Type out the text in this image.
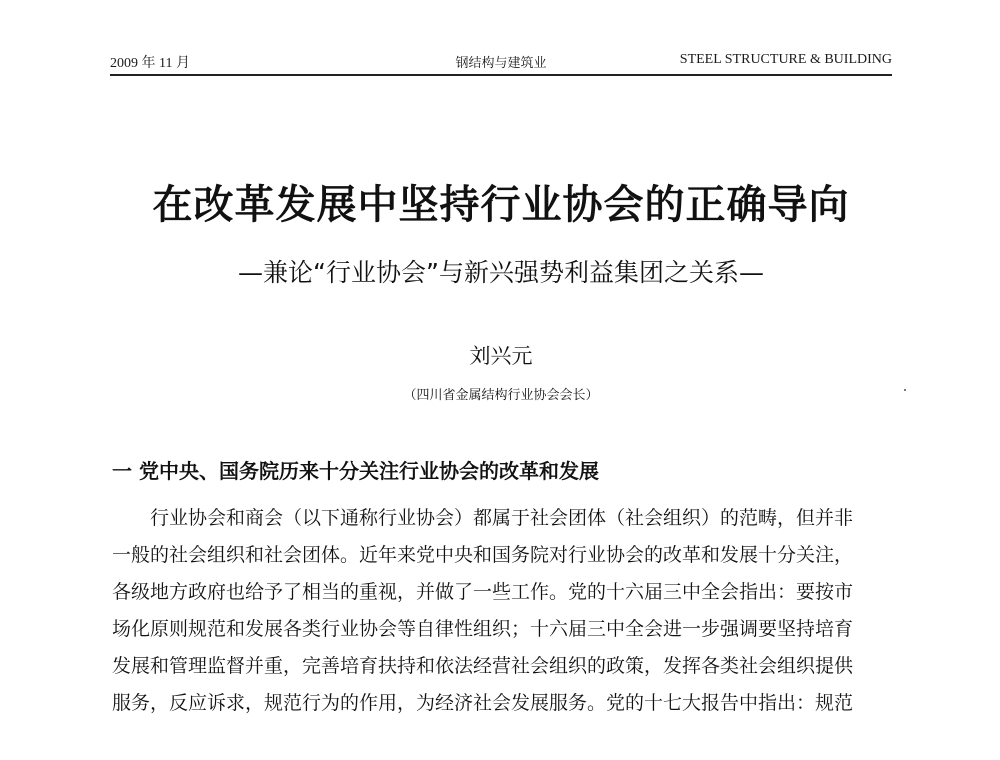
2009 年 11 月	钢结构与建筑业	STEEL STRUCTURE & BUILDING
在改革发展中坚持行业协会的正确导向
—兼论“行业协会”与新兴强势利益集团之关系—
刘兴元
（四川省金属结构行业协会会长）
一 党中央、国务院历来十分关注行业协会的改革和发展
行业协会和商会（以下通称行业协会）都属于社会团体（社会组织）的范畴，但并非
一般的社会组织和社会团体。近年来党中央和国务院对行业协会的改革和发展十分关注，
各级地方政府也给予了相当的重视，并做了一些工作。党的十六届三中全会指出：要按市
场化原则规范和发展各类行业协会等自律性组织；十六届三中全会进一步强调要坚持培育
发展和管理监督并重，完善培育扶持和依法经营社会组织的政策，发挥各类社会组织提供
服务，反应诉求，规范行为的作用，为经济社会发展服务。党的十七大报告中指出：规范
